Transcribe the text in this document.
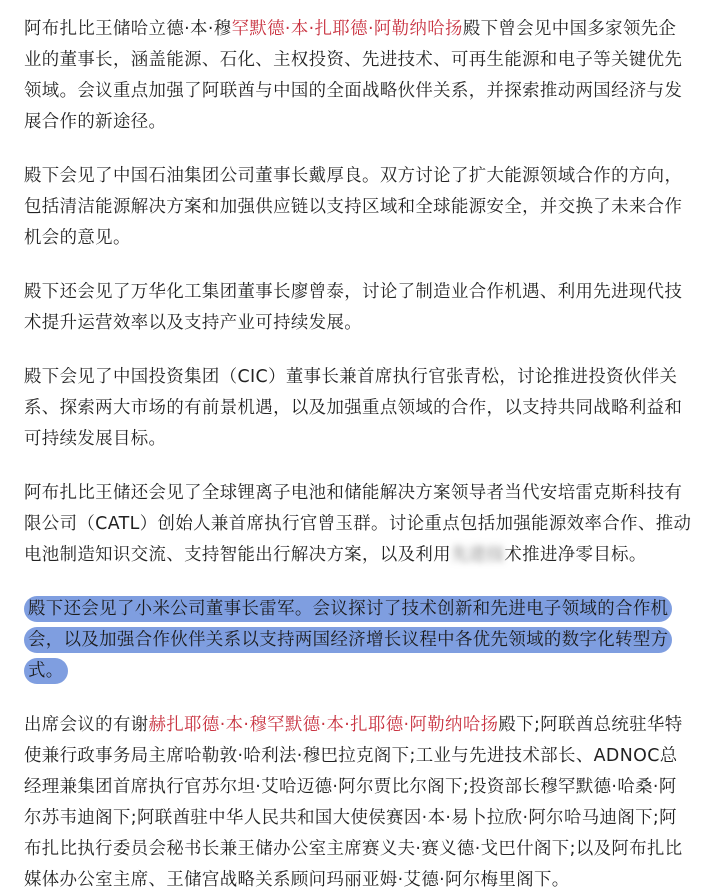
阿布扎比王储哈立德·本·穆罕默德·本·扎耶德·阿勒纳哈扬殿下曾会见中国多家领先企业的董事长，涵盖能源、石化、主权投资、先进技术、可再生能源和电子等关键优先领域。会议重点加强了阿联酋与中国的全面战略伙伴关系，并探索推动两国经济与发展合作的新途径。

殿下会见了中国石油集团公司董事长戴厚良。双方讨论了扩大能源领域合作的方向，包括清洁能源解决方案和加强供应链以支持区域和全球能源安全，并交换了未来合作机会的意见。

殿下还会见了万华化工集团董事长廖曾泰，讨论了制造业合作机遇、利用先进现代技术提升运营效率以及支持产业可持续发展。

殿下会见了中国投资集团（CIC）董事长兼首席执行官张青松，讨论推进投资伙伴关系、探索两大市场的有前景机遇，以及加强重点领域的合作，以支持共同战略利益和可持续发展目标。

阿布扎比王储还会见了全球锂离子电池和储能解决方案领导者当代安培雷克斯科技有限公司（CATL）创始人兼首席执行官曾玉群。讨论重点包括加强能源效率合作、推动电池制造知识交流、支持智能出行解决方案，以及利用先进技术推进净零目标。

殿下还会见了小米公司董事长雷军。会议探讨了技术创新和先进电子领域的合作机会，以及加强合作伙伴关系以支持两国经济增长议程中各优先领域的数字化转型方式。

出席会议的有谢赫扎耶德·本·穆罕默德·本·扎耶德·阿勒纳哈扬殿下;阿联酋总统驻华特使兼行政事务局主席哈勒敦·哈利法·穆巴拉克阁下;工业与先进技术部长、ADNOC总经理兼集团首席执行官苏尔坦·艾哈迈德·阿尔贾比尔阁下;投资部长穆罕默德·哈桑·阿尔苏韦迪阁下;阿联酋驻中华人民共和国大使侯赛因·本·易卜拉欣·阿尔哈马迪阁下;阿布扎比执行委员会秘书长兼王储办公室主席赛义夫·赛义德·戈巴什阁下;以及阿布扎比媒体办公室主席、王储宫战略关系顾问玛丽亚姆·艾德·阿尔梅里阁下。
